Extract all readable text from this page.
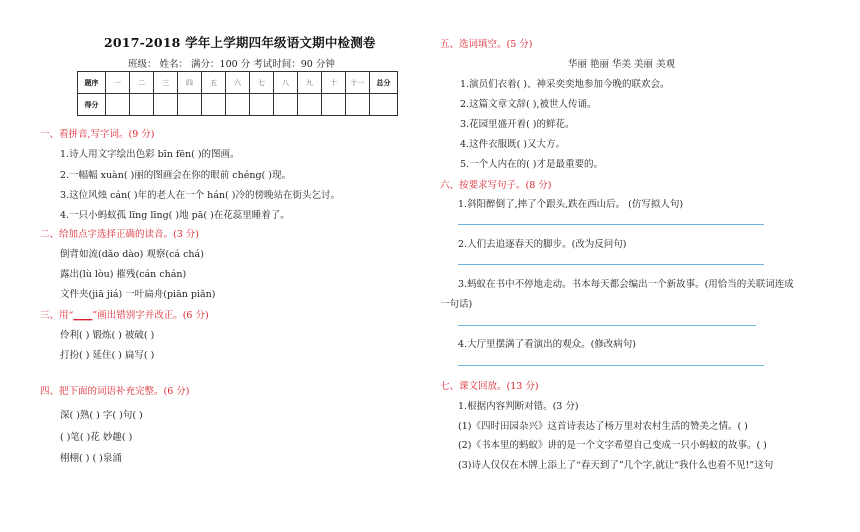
2017-2018 学年上学期四年级语文期中检测卷
班级： 姓名： 满分：100 分 考试时间：90 分钟
题序	一	二	三	四	五	六	七	八	九	十	十一	总分
得分												
一、看拼音,写字词。(9 分)
1.诗人用文字绘出色彩 bīn fēn( )的图画。
2.一幅幅 xuàn( )丽的图画会在你的眼前 chéng( )现。
3.这位风烛 cán( )年的老人在一个 hán( )冷的傍晚站在街头乞讨。
4.一只小蚂蚁孤 līng līng( )地 pā( )在花蕊里睡着了。
二、给加点字选择正确的读音。(3 分)
倒背如流(dǎo dào) 观察(cá chá)
露出(lù lòu) 摧残(cán chán)
文件夹(jiā jiá) 一叶扁舟(piān piǎn)
三、用“____”画出错别字并改正。(6 分)
伶利( ) 锻炼( ) 被破( )
打扮( ) 延住( ) 扁写( )
四、把下面的词语补充完整。(6 分)
深( )熟( ) 字( )句( )
( )笔( )花 妙趣( )
栩栩( ) ( )泉涌
五、选词填空。(5 分)
华丽 艳丽 华美 美丽 美观
1.演员们衣着( )、神采奕奕地参加今晚的联欢会。
2.这篇文章文辞( ),被世人传诵。
3.花园里盛开着( )的鲜花。
4.这件衣服既( )又大方。
5.一个人内在的( )才是最重要的。
六、按要求写句子。(8 分)
1.斜阳醉倒了,摔了个跟头,跌在西山后。 (仿写拟人句)
2.人们去追逐春天的脚步。(改为反问句)
3.蚂蚁在书中不停地走动。书本每天都会编出一个新故事。(用恰当的关联词连成
一句话)
4.大厅里摆满了看演出的观众。(修改病句)
七、课文回放。(13 分)
1.根据内容判断对错。(3 分)
(1)《四时田园杂兴》这首诗表达了杨万里对农村生活的赞美之情。( )
(2)《书本里的蚂蚁》讲的是一个文字希望自己变成一只小蚂蚁的故事。( )
(3)诗人仅仅在木牌上添上了“春天到了”几个字,就让“我什么也看不见!”这句
